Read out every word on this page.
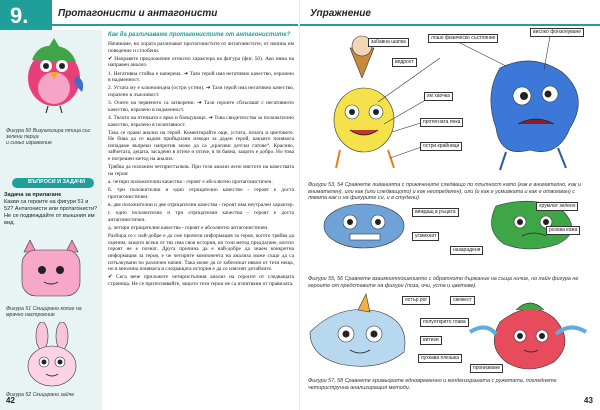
9.	Протагонисти и антагонисти
Фигура 50 Визуализира птица със зелени перца
и синьо изражение
ВЪПРОСИ И ЗАДАЧИ
Задача за прилагане
Какви са героите на фигури 51 и 52? Антагонисти или протагонисти? Не се подвеждайте от външния им вид.
Фигура 51 Скицирано копие на мрачно настроение
Фигура 52 Скицирано зайче
Как да различаваме протагонистите от антагонистите?

Начинаме, но хората различават протагонистите от антагонистите, от начина им поведение и сглобени.

✔ Направете предложение относно характера на фигура (фиг. 50). Ако няма на направен анализ.

1. Негативна стойка е наперена. ➔ Тази герой има негативно качество, изразено в надменност.

2. Устата му е клюноиндна (остри устни). ➔ Тази герой има негативно качество, изразено в лъжливост.

3. Очите на червеното са затворени. ➔ Тази героите сблъскват с негативното качество, изразено в надменност.

4. Тялото на птичката е ярко и блещукащо. ➔ Това свидетелства за положително качество, изразено в позитивност.

Така се прави анализ на герой. Коментирайте още, устата, позата и цветовете. Не бива да се вадим прибързани изводи за даден герой, какъвто понякога изпадаме въпреки напротив може да са „красиви детски гатове“. Красиво, зайчетата, децата, засадени в птиче и птиче, в тя бавна, защото е добро. Но това е погрешен метод на анализ.

Трябва да положим четиристъпков. При този анализ ясно мястото на качествата на героя:

а. четири положителни качества - героят е абсолютно протагонистичен.

б. три положителни и едно отрицателно качество - героят е доста протагонистичен.

в. две положителни и две отрицателни качества - героят има неутрален характер.

г. едно положително и три отрицателни качества - героят е доста антагонистичен.

д. четири отрицателни качества - героят е абсолютно антагонистичен.

Разбира се с най-добре е да сме прочели информация за героя, когото трябва да оценим, защото всеки от тях има своя история, но този метод предлагане, когото героят не е познат. Друга причина да е най-добре да знаем конкретна информация за героя, е че четирите компонента на анализа може също да са изтълкувани по различен начин. Така може да се забележат някои от тези неща, но в мнозина понякога в следващата история е да се изяснят детайлите.

✔ Сега вече приложете четиристъпния анализ на героите от следващата страница. Не се притеснявайте, защото тези герои не са изпитвани от правилата.

42
Упражнение
забавна шапка
лошо физическо състояние
високо фонзонуване
ведрост
хм хаочка
протегната пека
остри крайници
Фигури 53, 54 Сравнете ливанията с прикачените следващо по плътност като (как е внимателно, как и внимателен), или как (или следващото) и как неопределен), или (и как е усмивката и как е отвоюван) с лявата как и на фигурите си, и в студени).
виждащ в ръцата
хрумлат зелено
усмихнат
розова кожа
назарадени
Фигури 55, 56 Сравнете взаимоотношението с обратното държание на съща ничие, но лайн фигура не героите от представите на фигури (поза, очи, уста и цветове).
остър рог	свежест
полуоткрито глава
витизи
пухкава плюшка
пронизване
Фигури 57, 58 Сравнете гримьорите едновременно и кондензираната с ружетата, погледнете четириструнна анализиращия методи.
43
